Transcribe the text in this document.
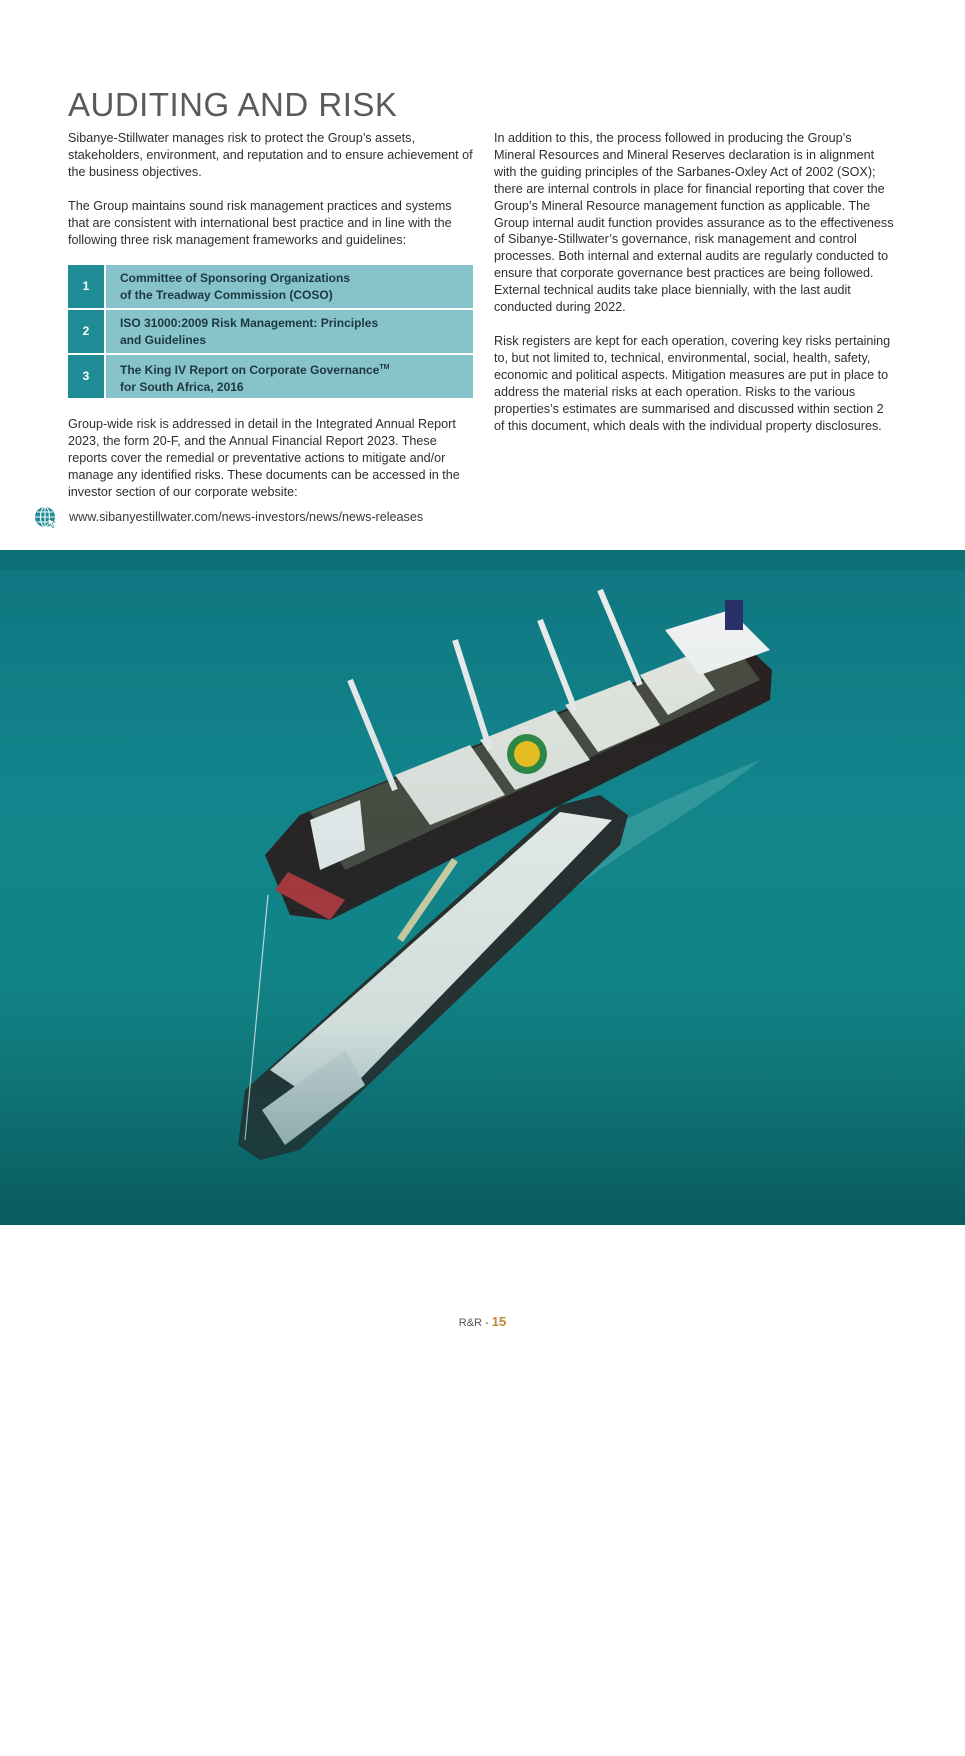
AUDITING AND RISK

Sibanye-Stillwater manages risk to protect the Group’s assets, stakeholders, environment, and reputation and to ensure achievement of the business objectives.

The Group maintains sound risk management practices and systems that are consistent with international best practice and in line with the following three risk management frameworks and guidelines:

1
Committee of Sponsoring Organizations
of the Treadway Commission (COSO)
2
ISO 31000:2009 Risk Management: Principles
and Guidelines
3	The King IV Report on Corporate Governance™
for South Africa, 2016

Group-wide risk is addressed in detail in the Integrated Annual Report 2023, the form 20-F, and the Annual Financial Report 2023. These reports cover the remedial or preventative actions to mitigate and/or manage any identified risks. These documents can be accessed in the investor section of our corporate website:

www.sibanyestillwater.com/news-investors/news/news-releases

In addition to this, the process followed in producing the Group’s Mineral Resources and Mineral Reserves declaration is in alignment with the guiding principles of the Sarbanes-Oxley Act of 2002 (SOX); there are internal controls in place for financial reporting that cover the Group’s Mineral Resource management function as applicable. The Group internal audit function provides assurance as to the effectiveness of Sibanye-Stillwater’s governance, risk management and control processes. Both internal and external audits are regularly conducted to ensure that corporate governance best practices are being followed. External technical audits take place biennially, with the last audit conducted during 2022.

Risk registers are kept for each operation, covering key risks pertaining to, but not limited to, technical, environmental, social, health, safety, economic and political aspects. Mitigation measures are put in place to address the material risks at each operation. Risks to the various properties’s estimates are summarised and discussed within section 2 of this document, which deals with the individual property disclosures.

THE M.V. WUNMA TRANSHIPMENT VESSEL OFF-LOADING
ZINC CONCENTRATE IN THE GULF OF CARPENTARIA
R&R - 15
